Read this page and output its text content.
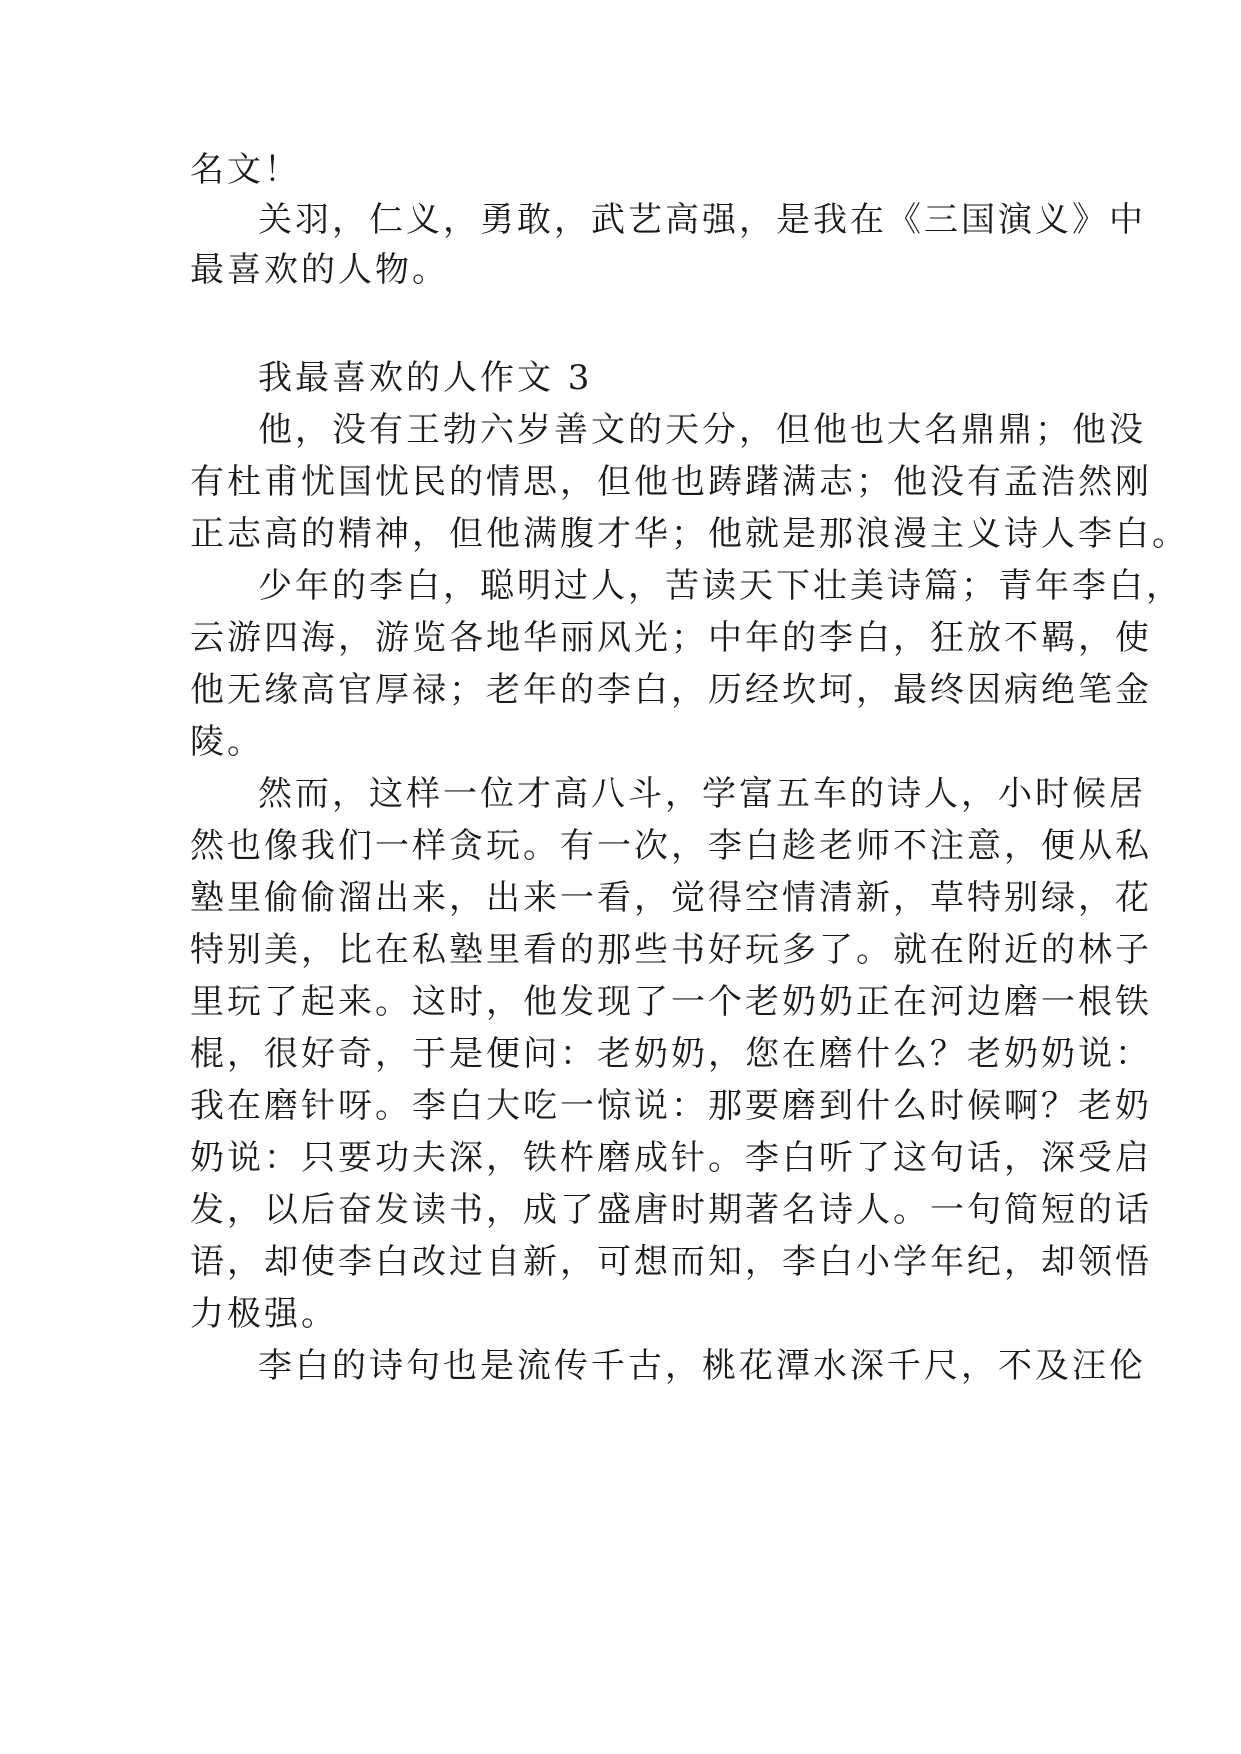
名文！
关羽，仁义，勇敢，武艺高强，是我在《三国演义》中
最喜欢的人物。
我最喜欢的人作文 3
他，没有王勃六岁善文的天分，但他也大名鼎鼎；他没
有杜甫忧国忧民的情思，但他也踌躇满志；他没有孟浩然刚
正志高的精神，但他满腹才华；他就是那浪漫主义诗人李白。
少年的李白，聪明过人，苦读天下壮美诗篇；青年李白，
云游四海，游览各地华丽风光；中年的李白，狂放不羁，使
他无缘高官厚禄；老年的李白，历经坎坷，最终因病绝笔金
陵。
然而，这样一位才高八斗，学富五车的诗人，小时候居
然也像我们一样贪玩。有一次，李白趁老师不注意，便从私
塾里偷偷溜出来，出来一看，觉得空情清新，草特别绿，花
特别美，比在私塾里看的那些书好玩多了。就在附近的林子
里玩了起来。这时，他发现了一个老奶奶正在河边磨一根铁
棍，很好奇，于是便问：老奶奶，您在磨什么？老奶奶说：
我在磨针呀。李白大吃一惊说：那要磨到什么时候啊？老奶
奶说：只要功夫深，铁杵磨成针。李白听了这句话，深受启
发，以后奋发读书，成了盛唐时期著名诗人。一句简短的话
语，却使李白改过自新，可想而知，李白小学年纪，却领悟
力极强。
李白的诗句也是流传千古，桃花潭水深千尺，不及汪伦
